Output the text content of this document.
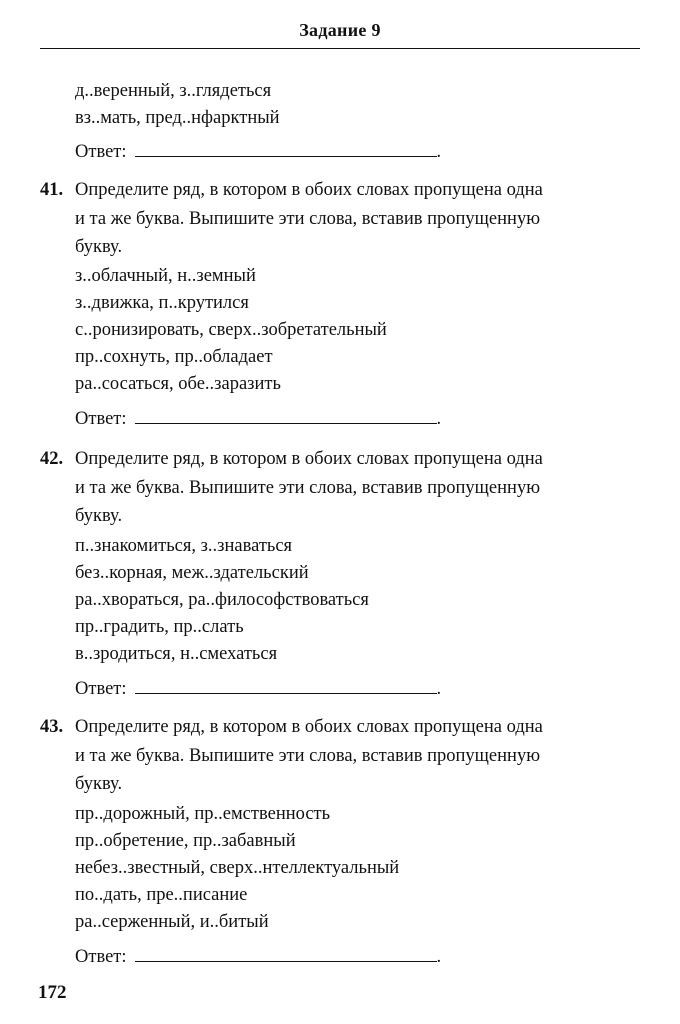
Задание 9
д..веренный, з..глядеться
вз..мать, пред..нфарктный
Ответ:	.
41. Определите ряд, в котором в обоих словах пропущена одна
и та же буква. Выпишите эти слова, вставив пропущенную
букву.
з..облачный, н..земный
з..движка, п..крутился
с..ронизировать, сверх..зобретательный
пр..сохнуть, пр..обладает
ра..сосаться, обе..заразить
Ответ:	.
42. Определите ряд, в котором в обоих словах пропущена одна
и та же буква. Выпишите эти слова, вставив пропущенную
букву.
п..знакомиться, з..знаваться
без..корная, меж..здательский
ра..хвораться, ра..философствоваться
пр..градить, пр..слать
в..зродиться, н..смехаться
Ответ:	.
43. Определите ряд, в котором в обоих словах пропущена одна
и та же буква. Выпишите эти слова, вставив пропущенную
букву.
пр..дорожный, пр..емственность
пр..обретение, пр..забавный
небез..звестный, сверх..нтеллектуальный
по..дать, пре..писание
ра..серженный, и..битый
Ответ:	.
172
